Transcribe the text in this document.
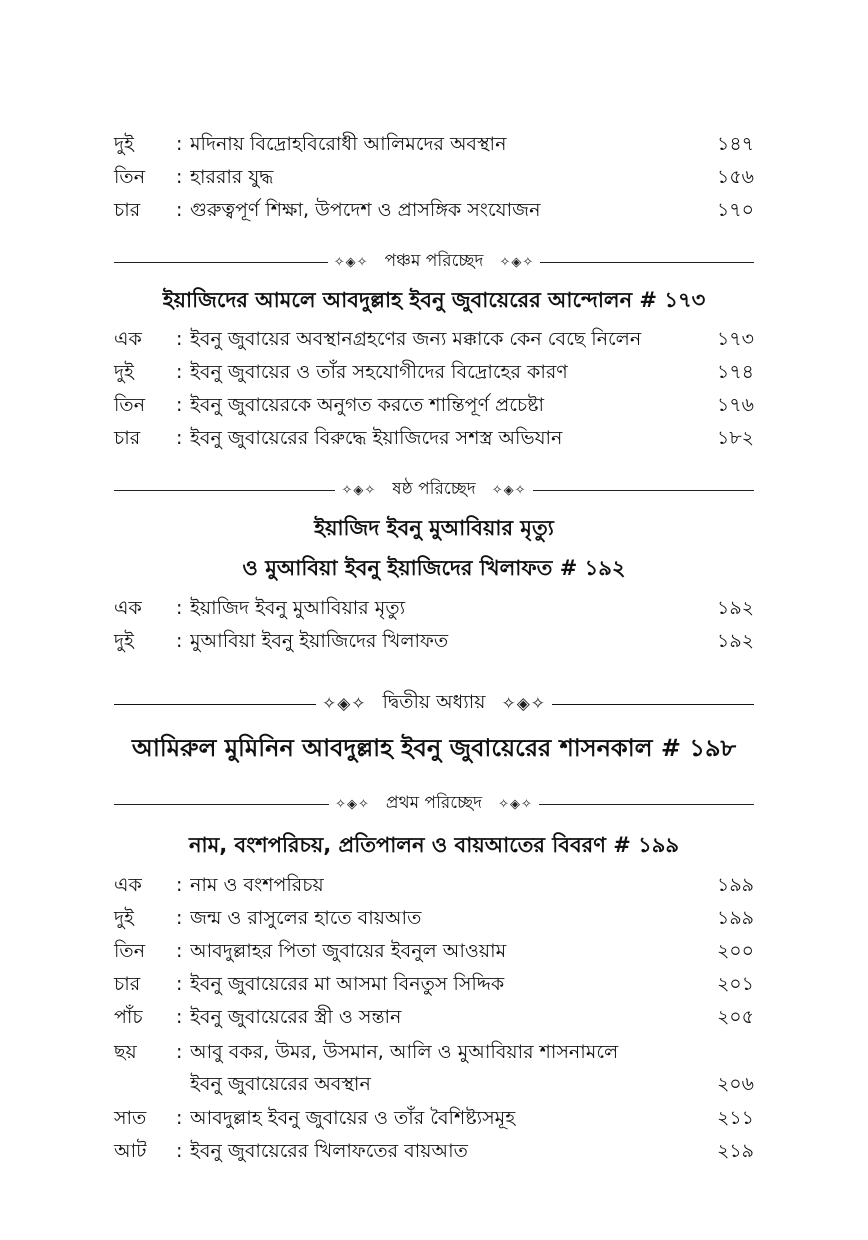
দুই	: মদিনায় বিদ্রোহবিরোধী আলিমদের অবস্থান	১৪৭
তিন	: হাররার যুদ্ধ	১৫৬
চার	: গুরুত্বপূর্ণ শিক্ষা, উপদেশ ও প্রাসঙ্গিক সংযোজন	১৭০
✧◈✧ পঞ্চম পরিচ্ছেদ	✧◈✧
ইয়াজিদের আমলে আবদুল্লাহ ইবনু জুবায়েরের আন্দোলন # ১৭৩
এক	: ইবনু জুবায়ের অবস্থানগ্রহণের জন্য মক্কাকে কেন বেছে নিলেন	১৭৩
দুই	: ইবনু জুবায়ের ও তাঁর সহযোগীদের বিদ্রোহের কারণ	১৭৪
তিন	: ইবনু জুবায়েরকে অনুগত করতে শান্তিপূর্ণ প্রচেষ্টা	১৭৬
চার	: ইবনু জুবায়েরের বিরুদ্ধে ইয়াজিদের সশস্ত্র অভিযান	১৮২
✧◈✧ ষষ্ঠ পরিচ্ছেদ	✧◈✧
ইয়াজিদ ইবনু মুআবিয়ার মৃত্যু
ও মুআবিয়া ইবনু ইয়াজিদের খিলাফত # ১৯২
এক	: ইয়াজিদ ইবনু মুআবিয়ার মৃত্যু	১৯২
দুই	: মুআবিয়া ইবনু ইয়াজিদের খিলাফত	১৯২
✧◈✧ দ্বিতীয় অধ্যায় ✧◈✧
আমিরুল মুমিনিন আবদুল্লাহ ইবনু জুবায়েরের শাসনকাল # ১৯৮
✧◈✧ প্রথম পরিচ্ছেদ	✧◈✧
নাম, বংশপরিচয়, প্রতিপালন ও বায়আতের বিবরণ # ১৯৯
এক	: নাম ও বংশপরিচয়	১৯৯
দুই	: জন্ম ও রাসুলের হাতে বায়আত	১৯৯
তিন	: আবদুল্লাহর পিতা জুবায়ের ইবনুল আওয়াম	২০০
চার	: ইবনু জুবায়েরের মা আসমা বিনতুস সিদ্দিক	২০১
পাঁচ	: ইবনু জুবায়েরের স্ত্রী ও সন্তান	২০৫
ছয়	: আবু বকর, উমর, উসমান, আলি ও মুআবিয়ার শাসনামলে
ইবনু জুবায়েরের অবস্থান	২০৬
সাত	: আবদুল্লাহ ইবনু জুবায়ের ও তাঁর বৈশিষ্ট্যসমূহ	২১১
আট	: ইবনু জুবায়েরের খিলাফতের বায়আত	২১৯
